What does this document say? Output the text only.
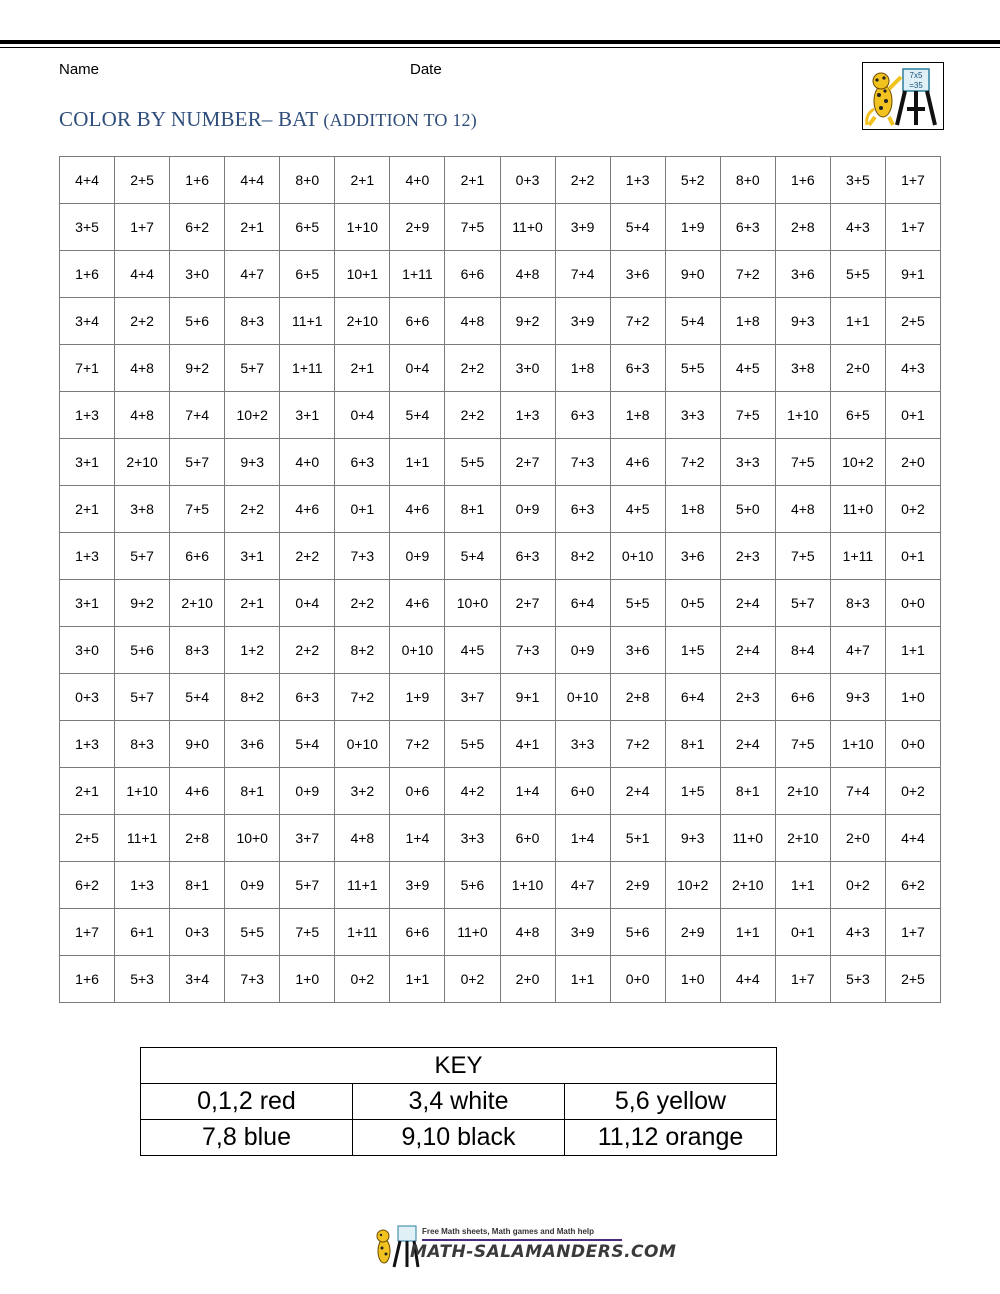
Name	Date
COLOR BY NUMBER– BAT (ADDITION TO 12)
7x5
=35
4+4	2+5	1+6	4+4	8+0	2+1	4+0	2+1	0+3	2+2	1+3	5+2	8+0	1+6	3+5	1+7
3+5	1+7	6+2	2+1	6+5	1+10	2+9	7+5	11+0	3+9	5+4	1+9	6+3	2+8	4+3	1+7
1+6	4+4	3+0	4+7	6+5	10+1	1+11	6+6	4+8	7+4	3+6	9+0	7+2	3+6	5+5	9+1
3+4	2+2	5+6	8+3	11+1	2+10	6+6	4+8	9+2	3+9	7+2	5+4	1+8	9+3	1+1	2+5
7+1	4+8	9+2	5+7	1+11	2+1	0+4	2+2	3+0	1+8	6+3	5+5	4+5	3+8	2+0	4+3
1+3	4+8	7+4	10+2	3+1	0+4	5+4	2+2	1+3	6+3	1+8	3+3	7+5	1+10	6+5	0+1
3+1	2+10	5+7	9+3	4+0	6+3	1+1	5+5	2+7	7+3	4+6	7+2	3+3	7+5	10+2	2+0
2+1	3+8	7+5	2+2	4+6	0+1	4+6	8+1	0+9	6+3	4+5	1+8	5+0	4+8	11+0	0+2
1+3	5+7	6+6	3+1	2+2	7+3	0+9	5+4	6+3	8+2	0+10	3+6	2+3	7+5	1+11	0+1
3+1	9+2	2+10	2+1	0+4	2+2	4+6	10+0	2+7	6+4	5+5	0+5	2+4	5+7	8+3	0+0
3+0	5+6	8+3	1+2	2+2	8+2	0+10	4+5	7+3	0+9	3+6	1+5	2+4	8+4	4+7	1+1
0+3	5+7	5+4	8+2	6+3	7+2	1+9	3+7	9+1	0+10	2+8	6+4	2+3	6+6	9+3	1+0
1+3	8+3	9+0	3+6	5+4	0+10	7+2	5+5	4+1	3+3	7+2	8+1	2+4	7+5	1+10	0+0
2+1	1+10	4+6	8+1	0+9	3+2	0+6	4+2	1+4	6+0	2+4	1+5	8+1	2+10	7+4	0+2
2+5	11+1	2+8	10+0	3+7	4+8	1+4	3+3	6+0	1+4	5+1	9+3	11+0	2+10	2+0	4+4
6+2	1+3	8+1	0+9	5+7	11+1	3+9	5+6	1+10	4+7	2+9	10+2	2+10	1+1	0+2	6+2
1+7	6+1	0+3	5+5	7+5	1+11	6+6	11+0	4+8	3+9	5+6	2+9	1+1	0+1	4+3	1+7
1+6	5+3	3+4	7+3	1+0	0+2	1+1	0+2	2+0	1+1	0+0	1+0	4+4	1+7	5+3	2+5
KEY		
0,1,2 red	3,4 white	5,6 yellow
7,8 blue	9,10 black	11,12 orange
Free Math sheets, Math games and Math help
MATH-SALAMANDERS.COM
